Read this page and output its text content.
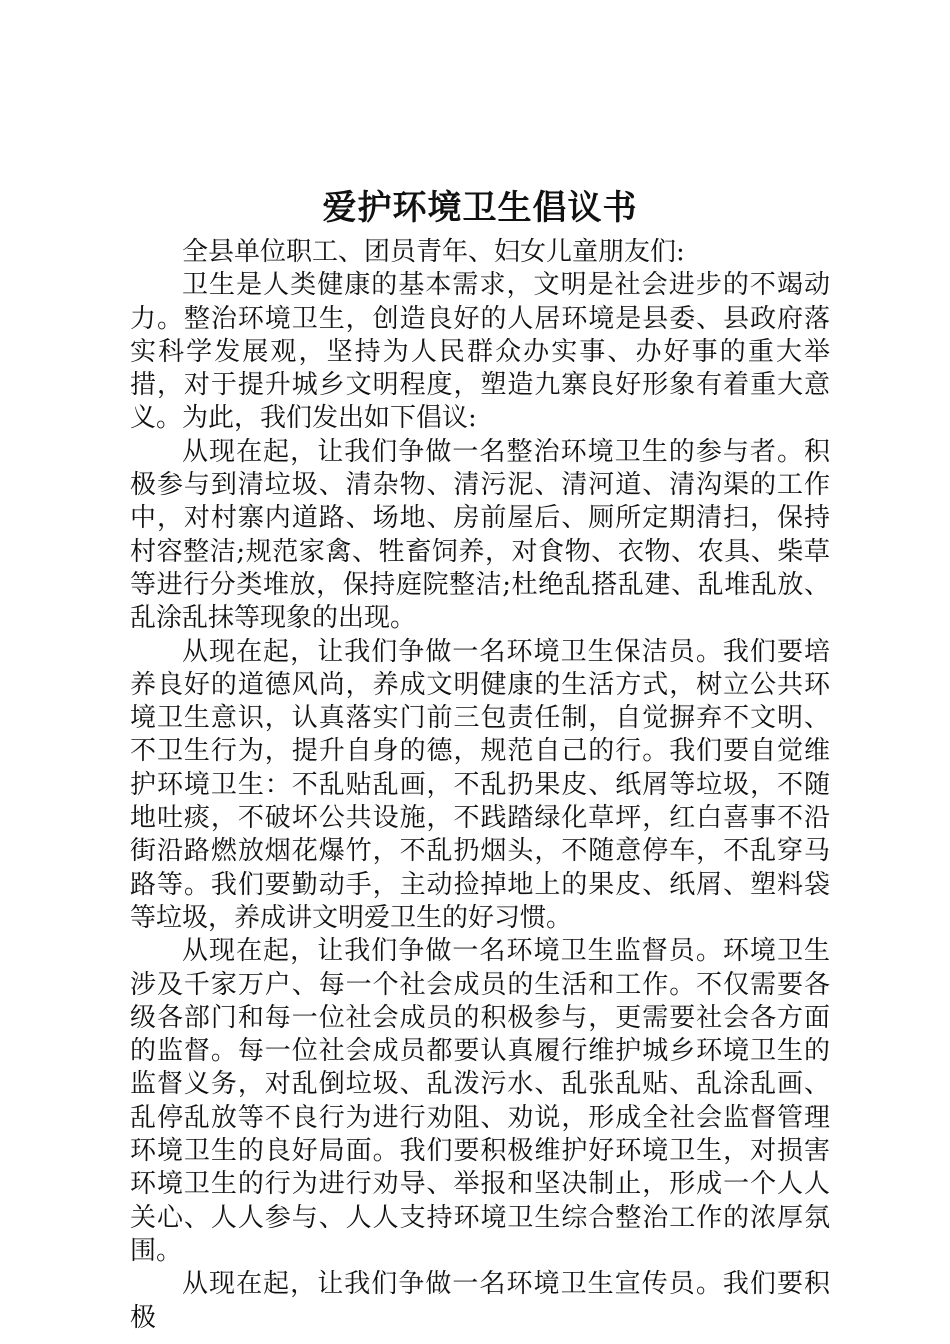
爱护环境卫生倡议书

全县单位职工、团员青年、妇女儿童朋友们:

卫生是人类健康的基本需求，文明是社会进步的不竭动力。整治环境卫生，创造良好的人居环境是县委、县政府落实科学发展观，坚持为人民群众办实事、办好事的重大举措，对于提升城乡文明程度，塑造九寨良好形象有着重大意义。为此，我们发出如下倡议:

从现在起，让我们争做一名整治环境卫生的参与者。积极参与到清垃圾、清杂物、清污泥、清河道、清沟渠的工作中，对村寨内道路、场地、房前屋后、厕所定期清扫，保持村容整洁;规范家禽、牲畜饲养，对食物、衣物、农具、柴草等进行分类堆放，保持庭院整洁;杜绝乱搭乱建、乱堆乱放、乱涂乱抹等现象的出现。

从现在起，让我们争做一名环境卫生保洁员。我们要培养良好的道德风尚，养成文明健康的生活方式，树立公共环境卫生意识，认真落实门前三包责任制，自觉摒弃不文明、不卫生行为，提升自身的德，规范自己的行。我们要自觉维护环境卫生：不乱贴乱画，不乱扔果皮、纸屑等垃圾，不随地吐痰，不破坏公共设施，不践踏绿化草坪，红白喜事不沿街沿路燃放烟花爆竹，不乱扔烟头，不随意停车，不乱穿马路等。我们要勤动手，主动捡掉地上的果皮、纸屑、塑料袋等垃圾，养成讲文明爱卫生的好习惯。

从现在起，让我们争做一名环境卫生监督员。环境卫生涉及千家万户、每一个社会成员的生活和工作。不仅需要各级各部门和每一位社会成员的积极参与，更需要社会各方面的监督。每一位社会成员都要认真履行维护城乡环境卫生的监督义务，对乱倒垃圾、乱泼污水、乱张乱贴、乱涂乱画、乱停乱放等不良行为进行劝阻、劝说，形成全社会监督管理环境卫生的良好局面。我们要积极维护好环境卫生，对损害环境卫生的行为进行劝导、举报和坚决制止，形成一个人人关心、人人参与、人人支持环境卫生综合整治工作的浓厚氛围。

从现在起，让我们争做一名环境卫生宣传员。我们要积极
